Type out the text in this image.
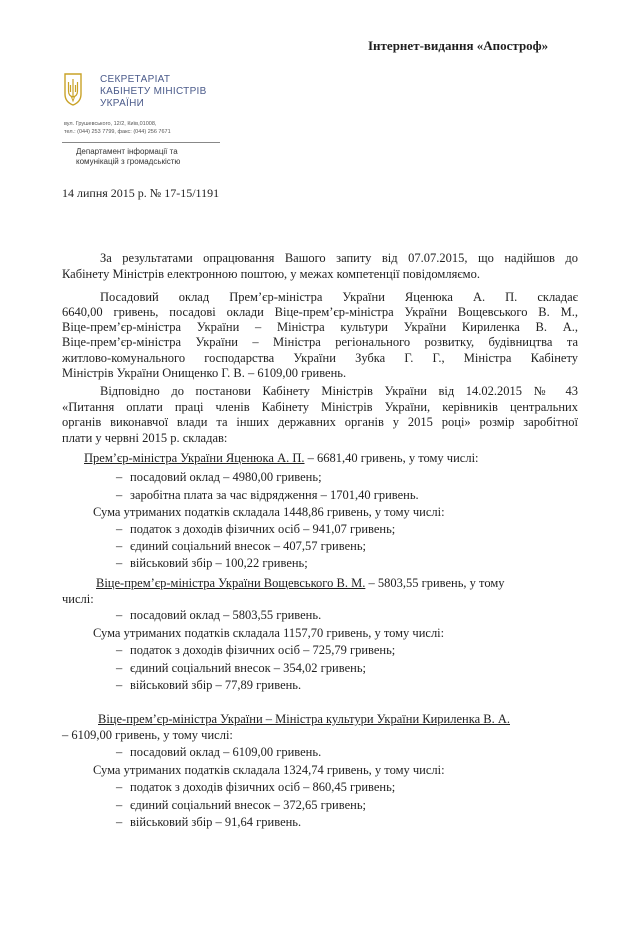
Інтернет-видання «Апостроф»
СЕКРЕТАРІАТ
КАБІНЕТУ МІНІСТРІВ
УКРАЇНИ
вул. Грушевського, 12/2, Київ,01008,
тел.: (044) 253 7799, факс: (044) 256 7671
Департамент інформації та
комунікацій з громадськістю
14 липня 2015 р. № 17-15/1191
За результатами опрацювання Вашого запиту від 07.07.2015, що надійшов до
Кабінету Міністрів електронною поштою, у межах компетенції повідомляємо.
Посадовий оклад Прем’єр-міністра України Яценюка А. П. складає
6640,00 гривень, посадові оклади Віце-прем’єр-міністра України Вощевського В. М.,
Віце-прем’єр-міністра України – Міністра культури України Кириленка В. А.,
Віце-прем’єр-міністра України – Міністра регіонального розвитку, будівництва та
житлово-комунального господарства України Зубка Г. Г., Міністра Кабінету
Міністрів України Онищенко Г. В. – 6109,00 гривень.
Відповідно до постанови Кабінету Міністрів України від 14.02.2015 № 43
«Питання оплати праці членів Кабінету Міністрів України, керівників центральних
органів виконавчої влади та інших державних органів у 2015 році» розмір заробітної
плати у червні 2015 р. складав:
Прем’єр-міністра України Яценюка А. П. – 6681,40 гривень, у тому числі:
– посадовий оклад – 4980,00 гривень;
– заробітна плата за час відрядження – 1701,40 гривень.
Сума утриманих податків складала 1448,86 гривень, у тому числі:
– податок з доходів фізичних осіб – 941,07 гривень;
– єдиний соціальний внесок – 407,57 гривень;
– військовий збір – 100,22 гривень;
Віце-прем’єр-міністра України Вощевського В. М. – 5803,55 гривень, у тому
числі:
– посадовий оклад – 5803,55 гривень.
Сума утриманих податків складала 1157,70 гривень, у тому числі:
– податок з доходів фізичних осіб – 725,79 гривень;
– єдиний соціальний внесок – 354,02 гривень;
– військовий збір – 77,89 гривень.
Віце-прем’єр-міністра України – Міністра культури України Кириленка В. А.
– 6109,00 гривень, у тому числі:
– посадовий оклад – 6109,00 гривень.
Сума утриманих податків складала 1324,74 гривень, у тому числі:
– податок з доходів фізичних осіб – 860,45 гривень;
– єдиний соціальний внесок – 372,65 гривень;
– військовий збір – 91,64 гривень.
